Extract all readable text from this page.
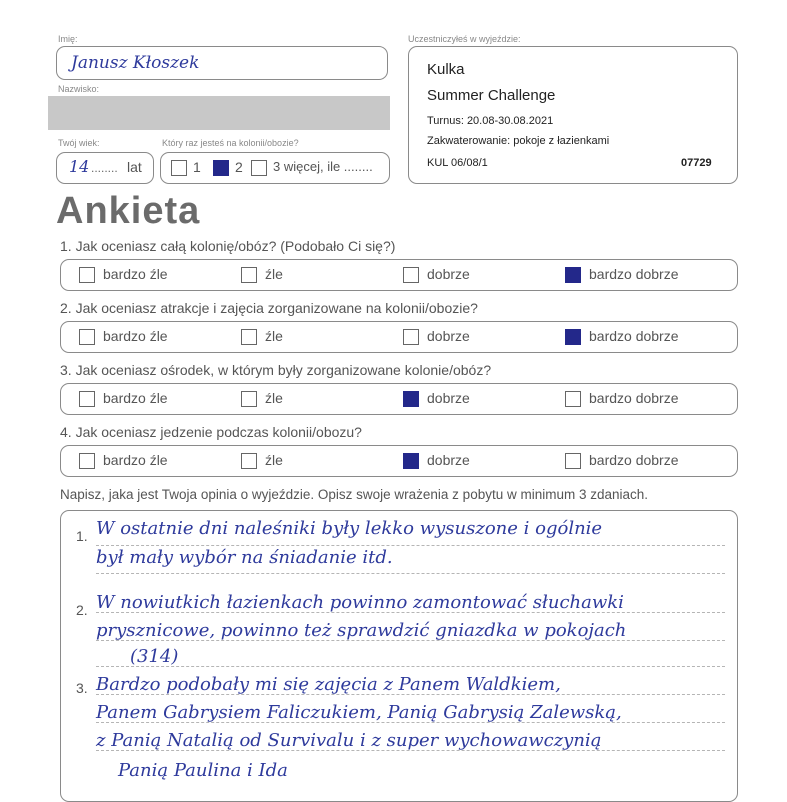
Imię:
Janusz Kłoszek
Nazwisko:
Twój wiek:
14 ........ lat
Który raz jesteś na kolonii/obozie?
1 2 3 więcej, ile ........
Uczestniczyłeś w wyjeździe:
Kulka
Summer Challenge
Turnus: 20.08-30.08.2021
Zakwaterowanie: pokoje z łazienkami
KUL 06/08/1	07729
Ankieta
1. Jak oceniasz całą kolonię/obóz? (Podobało Ci się?)
bardzo źle	źle	dobrze	bardzo dobrze
2. Jak oceniasz atrakcje i zajęcia zorganizowane na kolonii/obozie?
bardzo źle	źle	dobrze	bardzo dobrze
3. Jak oceniasz ośrodek, w którym były zorganizowane kolonie/obóz?
bardzo źle	źle	dobrze	bardzo dobrze
4. Jak oceniasz jedzenie podczas kolonii/obozu?
bardzo źle	źle	dobrze	bardzo dobrze
Napisz, jaka jest Twoja opinia o wyjeździe. Opisz swoje wrażenia z pobytu w minimum 3 zdaniach.
1.
2.
3.
W ostatnie dni naleśniki były lekko wysuszone i ogólnie
był mały wybór na śniadanie itd.
W nowiutkich łazienkach powinno zamontować słuchawki
prysznicowe, powinno też sprawdzić gniazdka w pokojach
(314)
Bardzo podobały mi się zajęcia z Panem Waldkiem,
Panem Gabrysiem Faliczukiem, Panią Gabrysią Zalewską,
z Panią Natalią od Survivalu i z super wychowawczynią
Panią Paulina i Ida
